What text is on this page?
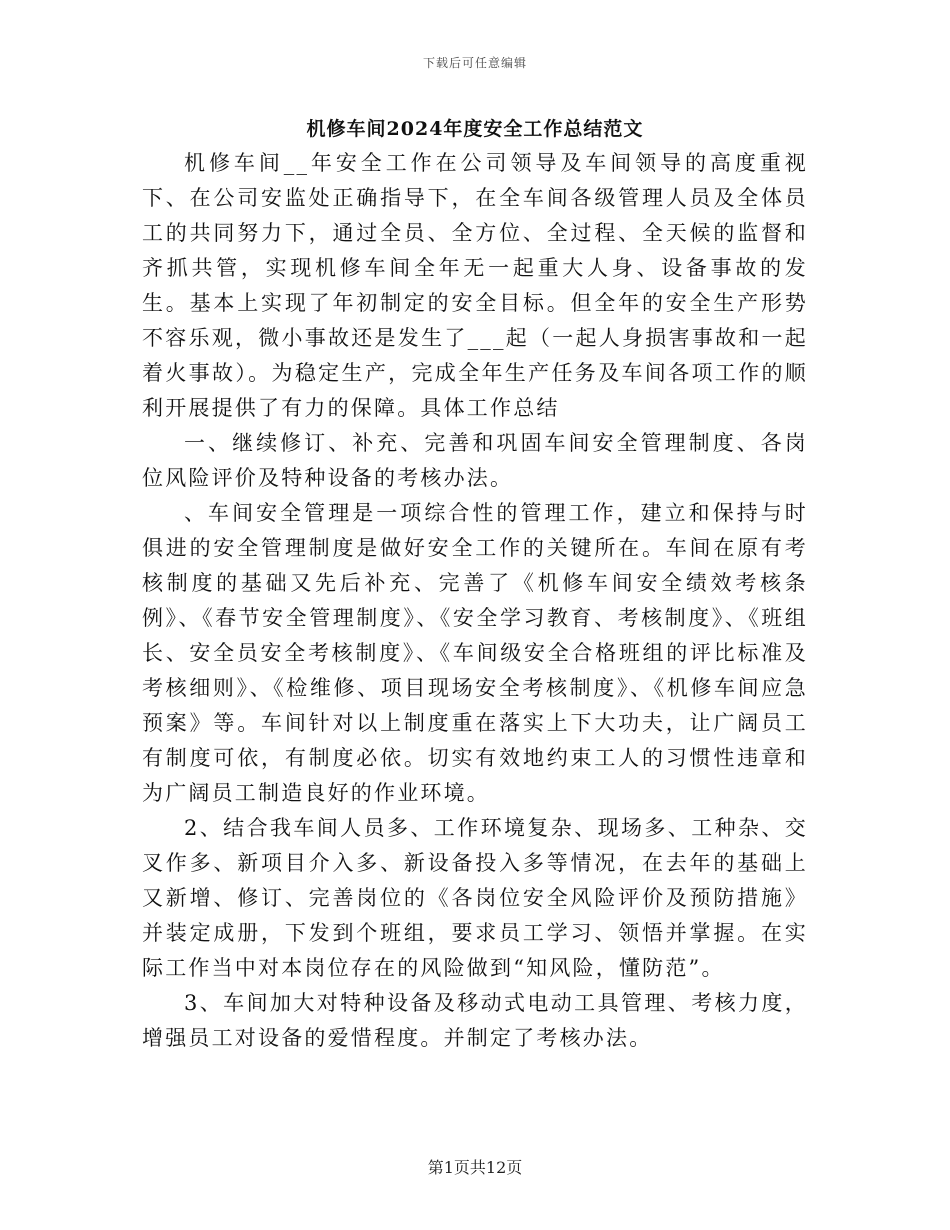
下载后可任意编辑
机修车间2024年度安全工作总结范文

机修车间__年安全工作在公司领导及车间领导的高度重视下、在公司安监处正确指导下，在全车间各级管理人员及全体员工的共同努力下，通过全员、全方位、全过程、全天候的监督和齐抓共管，实现机修车间全年无一起重大人身、设备事故的发生。基本上实现了年初制定的安全目标。但全年的安全生产形势不容乐观，微小事故还是发生了___起（一起人身损害事故和一起着火事故）。为稳定生产，完成全年生产任务及车间各项工作的顺利开展提供了有力的保障。具体工作总结

一、继续修订、补充、完善和巩固车间安全管理制度、各岗位风险评价及特种设备的考核办法。

、车间安全管理是一项综合性的管理工作，建立和保持与时俱进的安全管理制度是做好安全工作的关键所在。车间在原有考核制度的基础又先后补充、完善了《机修车间安全绩效考核条例》、《春节安全管理制度》、《安全学习教育、考核制度》、《班组长、安全员安全考核制度》、《车间级安全合格班组的评比标准及考核细则》、《检维修、项目现场安全考核制度》、《机修车间应急预案》等。车间针对以上制度重在落实上下大功夫，让广阔员工有制度可依，有制度必依。切实有效地约束工人的习惯性违章和为广阔员工制造良好的作业环境。

2、结合我车间人员多、工作环境复杂、现场多、工种杂、交叉作多、新项目介入多、新设备投入多等情况，在去年的基础上又新增、修订、完善岗位的《各岗位安全风险评价及预防措施》并装定成册，下发到个班组，要求员工学习、领悟并掌握。在实际工作当中对本岗位存在的风险做到“知风险，懂防范”。

3、车间加大对特种设备及移动式电动工具管理、考核力度，增强员工对设备的爱惜程度。并制定了考核办法。

第1页共12页
